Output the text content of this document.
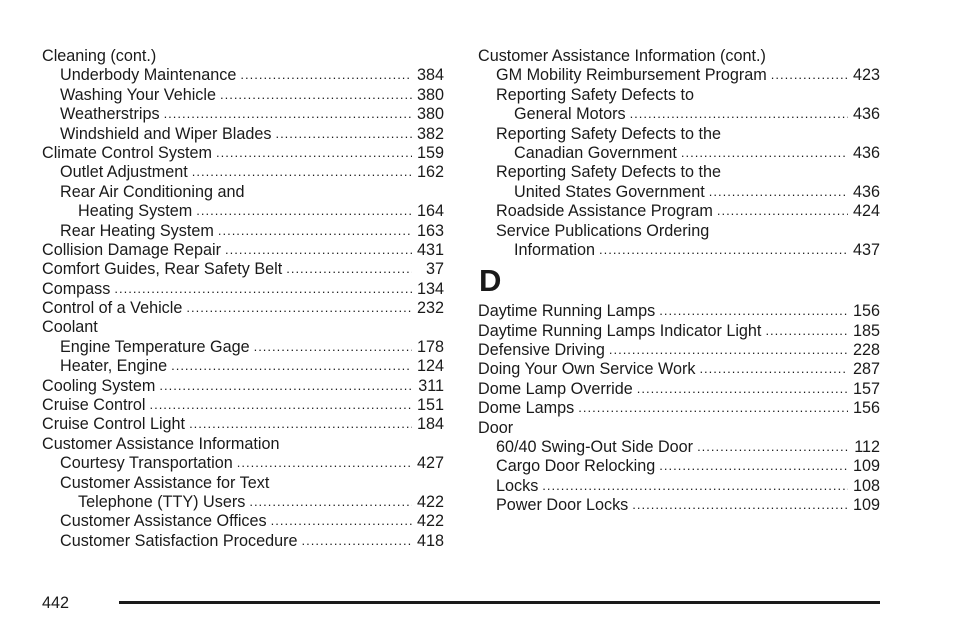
Cleaning (cont.)
Underbody Maintenance .....	384
Washing Your Vehicle .....	380
Weatherstrips .....	380
Windshield and Wiper Blades .....	382
Climate Control System .....	159
Outlet Adjustment .....	162
Rear Air Conditioning and
Heating System .....	164
Rear Heating System .....	163
Collision Damage Repair .....	431
Comfort Guides, Rear Safety Belt .....	37
Compass .....	134
Control of a Vehicle .....	232
Coolant
Engine Temperature Gage .....	178
Heater, Engine .....	124
Cooling System .....	311
Cruise Control .....	151
Cruise Control Light .....	184
Customer Assistance Information
Courtesy Transportation .....	427
Customer Assistance for Text
Telephone (TTY) Users .....	422
Customer Assistance Offices .....	422
Customer Satisfaction Procedure .....	418
Customer Assistance Information (cont.)
GM Mobility Reimbursement Program .....	423
Reporting Safety Defects to
General Motors .....	436
Reporting Safety Defects to the
Canadian Government .....	436
Reporting Safety Defects to the
United States Government .....	436
Roadside Assistance Program .....	424
Service Publications Ordering
Information .....	437
D
Daytime Running Lamps .....	156
Daytime Running Lamps Indicator Light .....	185
Defensive Driving .....	228
Doing Your Own Service Work .....	287
Dome Lamp Override .....	157
Dome Lamps .....	156
Door
60/40 Swing-Out Side Door .....	112
Cargo Door Relocking .....	109
Locks .....	108
Power Door Locks .....	109
442
